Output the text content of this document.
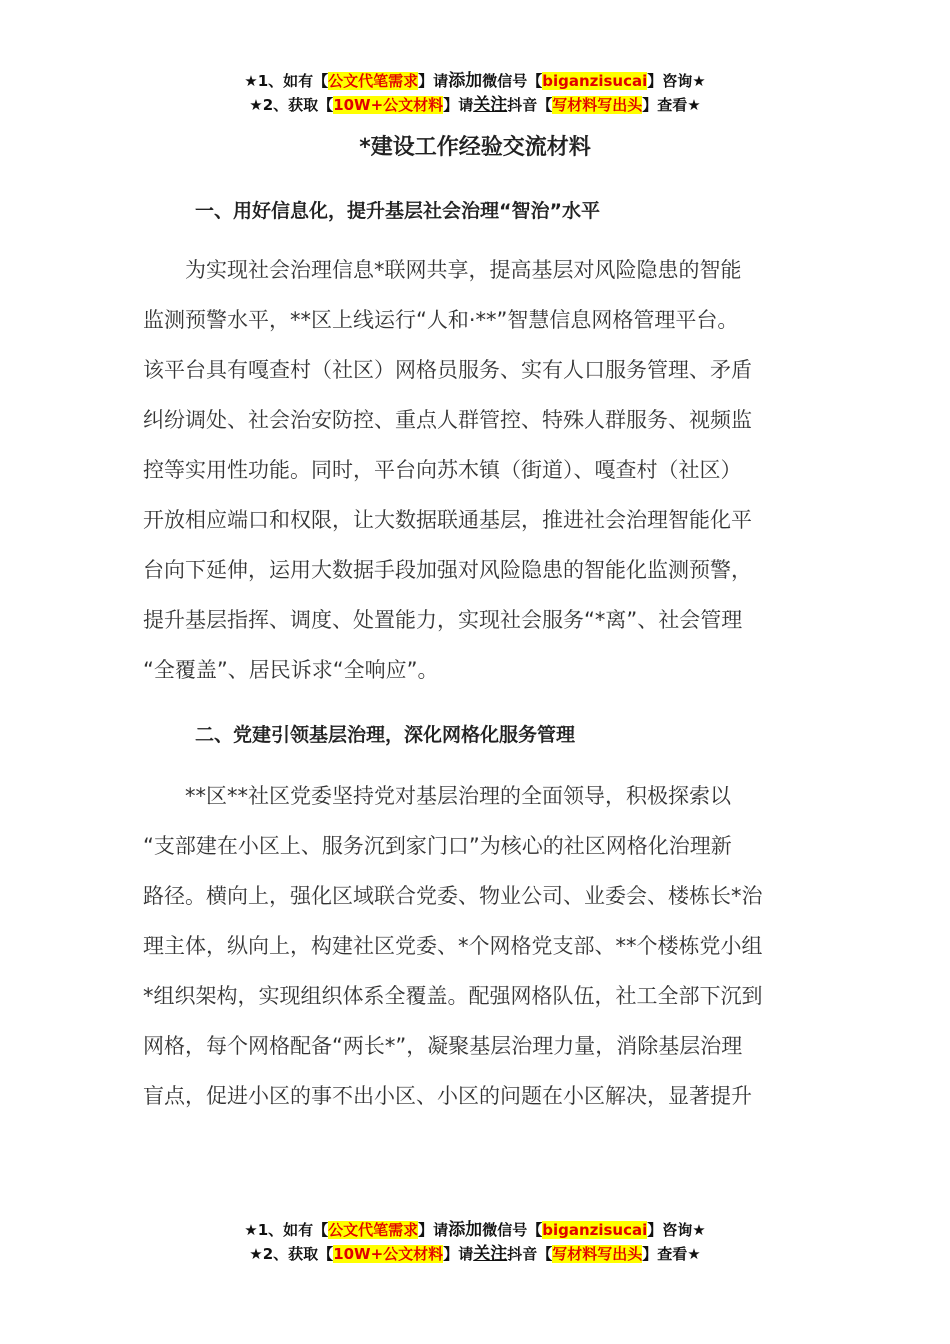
★1、如有【公文代笔需求】请添加微信号【biganzisucai】咨询★
★2、获取【10W+公文材料】请关注抖音【写材料写出头】查看★
*建设工作经验交流材料
一、用好信息化，提升基层社会治理“智治”水平
　　为实现社会治理信息*联网共享，提高基层对风险隐患的智能
监测预警水平，**区上线运行“人和·**”智慧信息网格管理平台。
该平台具有嘎查村（社区）网格员服务、实有人口服务管理、矛盾
纠纷调处、社会治安防控、重点人群管控、特殊人群服务、视频监
控等实用性功能。同时，平台向苏木镇（街道）、嘎查村（社区）
开放相应端口和权限，让大数据联通基层，推进社会治理智能化平
台向下延伸，运用大数据手段加强对风险隐患的智能化监测预警，
提升基层指挥、调度、处置能力，实现社会服务“*离”、社会管理
“全覆盖”、居民诉求“全响应”。
二、党建引领基层治理，深化网格化服务管理
　　**区**社区党委坚持党对基层治理的全面领导，积极探索以
“支部建在小区上、服务沉到家门口”为核心的社区网格化治理新
路径。横向上，强化区域联合党委、物业公司、业委会、楼栋长*治
理主体，纵向上，构建社区党委、*个网格党支部、**个楼栋党小组
*组织架构，实现组织体系全覆盖。配强网格队伍，社工全部下沉到
网格，每个网格配备“两长*”，凝聚基层治理力量，消除基层治理
盲点，促进小区的事不出小区、小区的问题在小区解决，显著提升
★1、如有【公文代笔需求】请添加微信号【biganzisucai】咨询★
★2、获取【10W+公文材料】请关注抖音【写材料写出头】查看★
